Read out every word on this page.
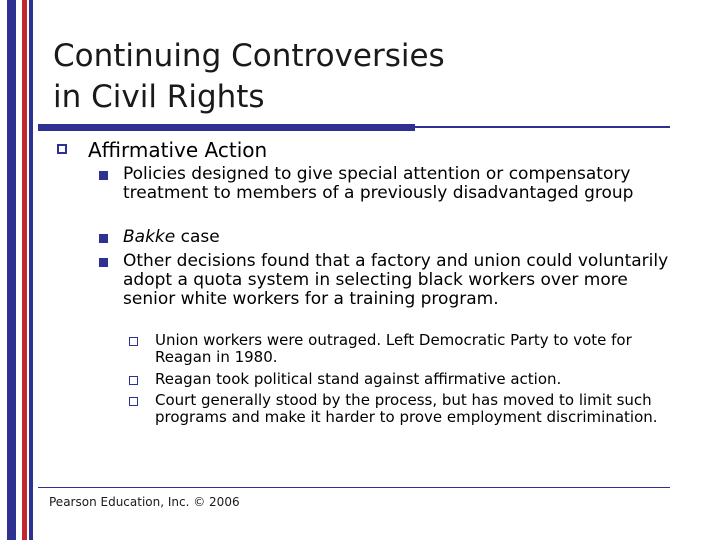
Continuing Controversies
in Civil Rights
Affirmative Action
Policies designed to give special attention or compensatory treatment to members of a previously disadvantaged group
Bakke case
Other decisions found that a factory and union could voluntarily adopt a quota system in selecting black workers over more senior white workers for a training program.
Union workers were outraged. Left Democratic Party to vote for Reagan in 1980.
Reagan took political stand against affirmative action.
Court generally stood by the process, but has moved to limit such programs and make it harder to prove employment discrimination.
Pearson Education, Inc. © 2006
